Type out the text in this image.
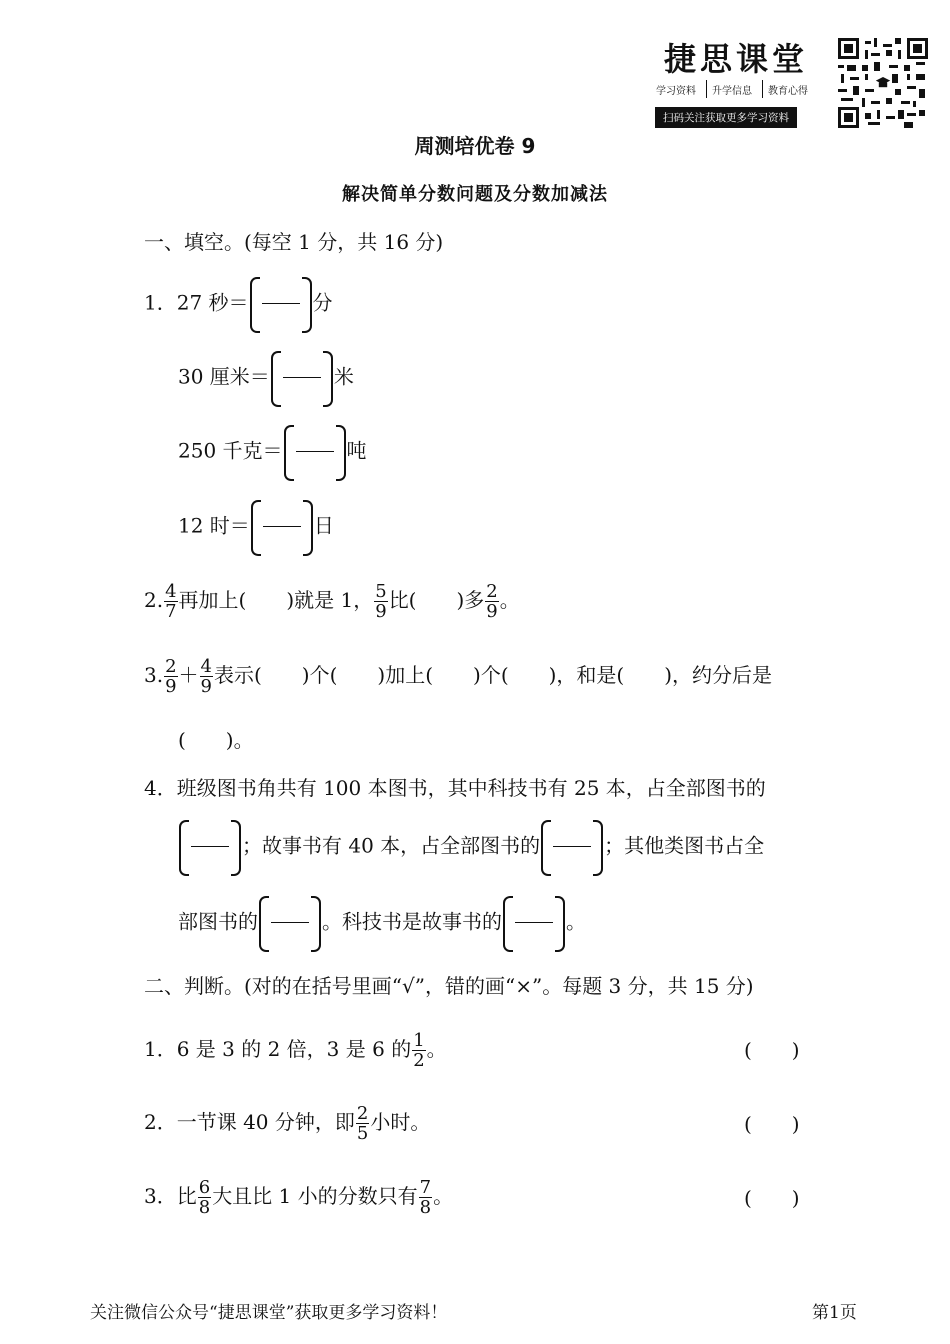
捷思课堂
学习资料 升学信息 教育心得
扫码关注获取更多学习资料
周测培优卷 9
解决简单分数问题及分数加减法
一、填空。(每空 1 分，共 16 分)
1．27 秒＝	分
30 厘米＝	米
250 千克＝	吨
12 时＝	日
2. $\frac{4}{7}$ 再加上(　　)就是 1， $\frac{5}{9}$ 比(　　)多 $\frac{2}{9}$ 。
3. $\frac{2}{9} + \frac{4}{9}$ 表示(　　)个(　　)加上(　　)个(　　)，和是(　　)，约分后是
(　　)。
4．班级图书角共有 100 本图书，其中科技书有 25 本，占全部图书的
；故事书有 40 本，占全部图书的	；其他类图书占全
部图书的	。科技书是故事书的	。
二、判断。(对的在括号里画“√”，错的画“×”。每题 3 分，共 15 分)
1．6 是 3 的 2 倍，3 是 6 的 $\frac{1}{2}$ 。	(　　)
2．一节课 40 分钟，即 $\frac{2}{5}$ 小时。	(　　)
3．比 $\frac{6}{8}$ 大且比 1 小的分数只有 $\frac{7}{8}$ 。	(　　)
关注微信公众号“捷思课堂”获取更多学习资料！	第1页
